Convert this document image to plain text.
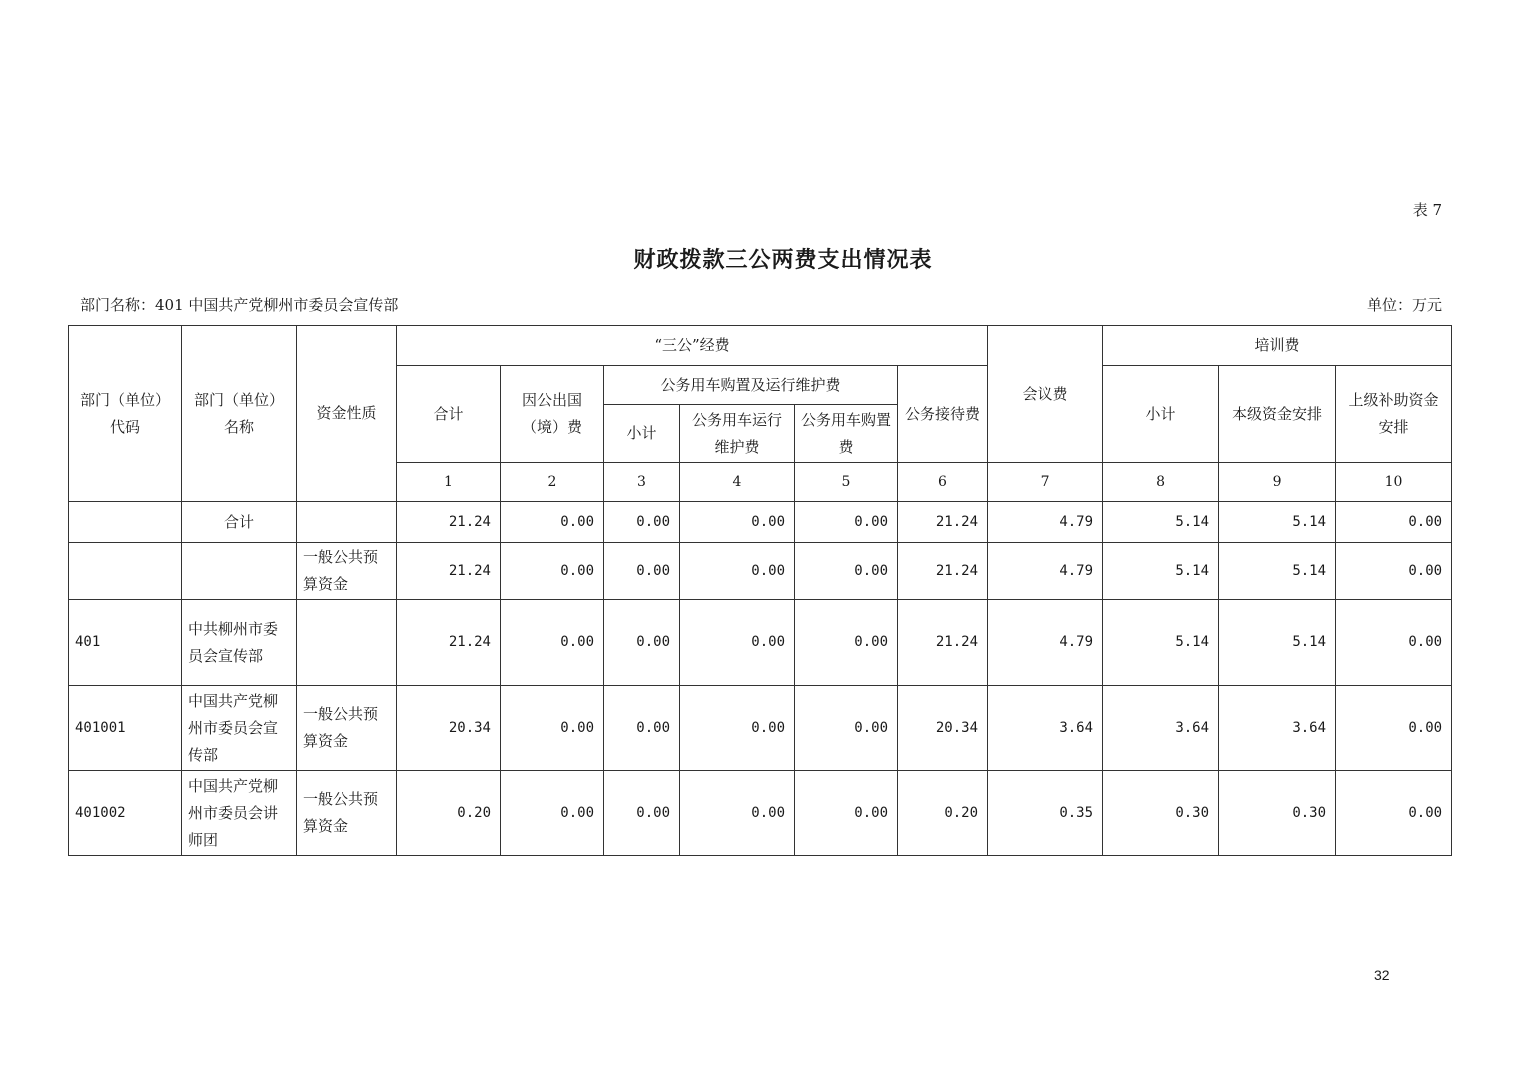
表 7
财政拨款三公两费支出情况表
部门名称：401 中国共产党柳州市委员会宣传部	单位：万元
部门（单位）代码	部门（单位）名称	资金性质	“三公”经费						会议费	培训费		
			合计	因公出国（境）费	公务用车购置及运行维护费			公务接待费		小计	本级资金安排	上级补助资金安排
					小计	公务用车运行维护费	公务用车购置费					
			1	2	3	4	5	6	7	8	9	10
	合计		21.24	0.00	0.00	0.00	0.00	21.24	4.79	5.14	5.14	0.00
		一般公共预算资金	21.24	0.00	0.00	0.00	0.00	21.24	4.79	5.14	5.14	0.00
401	中共柳州市委员会宣传部		21.24	0.00	0.00	0.00	0.00	21.24	4.79	5.14	5.14	0.00
401001	中国共产党柳州市委员会宣传部	一般公共预算资金	20.34	0.00	0.00	0.00	0.00	20.34	3.64	3.64	3.64	0.00
401002	中国共产党柳州市委员会讲师团	一般公共预算资金	0.20	0.00	0.00	0.00	0.00	0.20	0.35	0.30	0.30	0.00
32
